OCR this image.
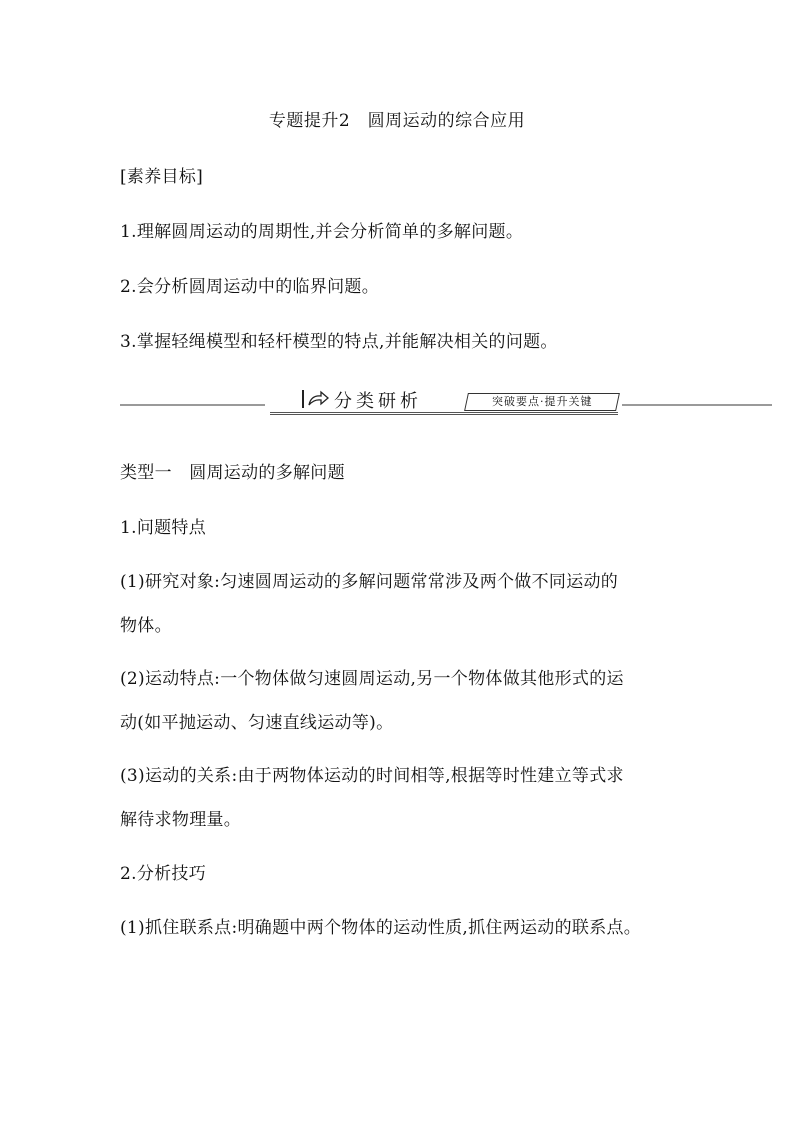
专题提升2　圆周运动的综合应用
[素养目标]
1.理解圆周运动的周期性,并会分析简单的多解问题。
2.会分析圆周运动中的临界问题。
3.掌握轻绳模型和轻杆模型的特点,并能解决相关的问题。
分类研析	突破要点·提升关键
类型一　圆周运动的多解问题
1.问题特点
(1)研究对象:匀速圆周运动的多解问题常常涉及两个做不同运动的
物体。
(2)运动特点:一个物体做匀速圆周运动,另一个物体做其他形式的运
动(如平抛运动、匀速直线运动等)。
(3)运动的关系:由于两物体运动的时间相等,根据等时性建立等式求
解待求物理量。
2.分析技巧
(1)抓住联系点:明确题中两个物体的运动性质,抓住两运动的联系点。
